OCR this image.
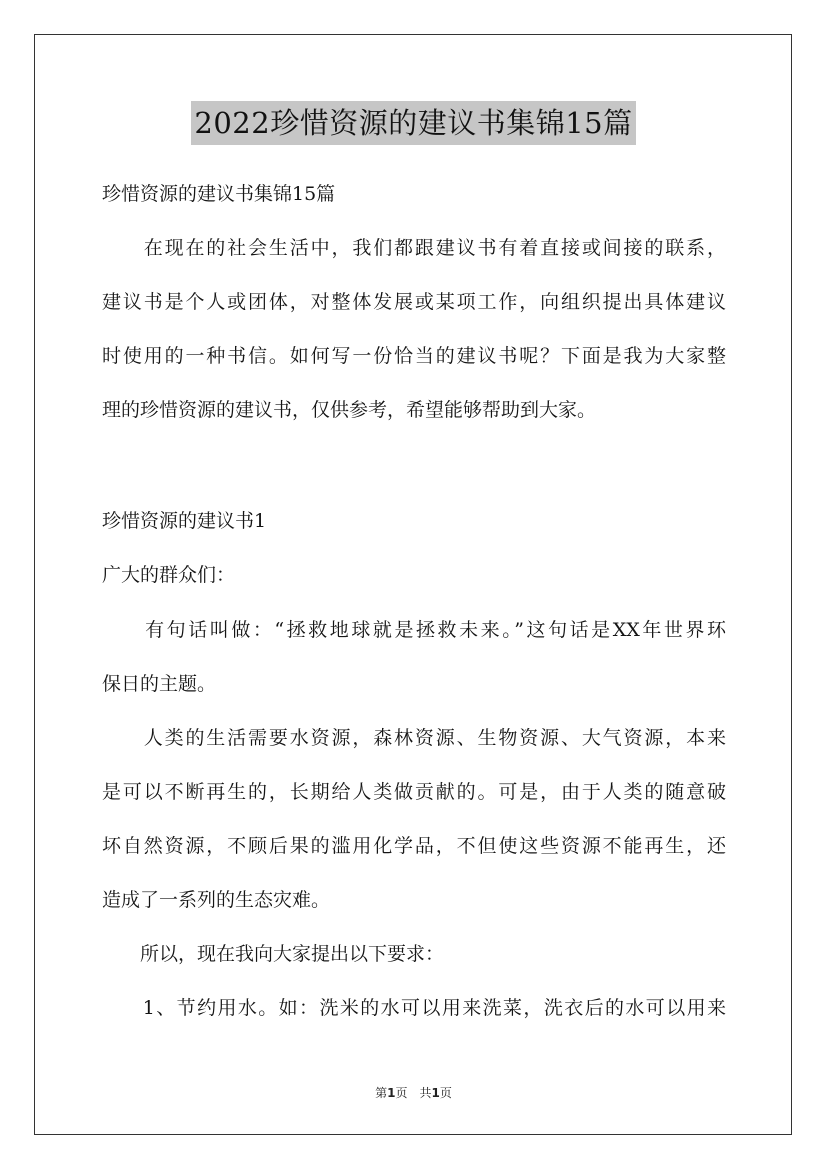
2022珍惜资源的建议书集锦15篇
珍惜资源的建议书集锦15篇
　　在现在的社会生活中，我们都跟建议书有着直接或间接的联系，
建议书是个人或团体，对整体发展或某项工作，向组织提出具体建议
时使用的一种书信。如何写一份恰当的建议书呢？下面是我为大家整
理的珍惜资源的建议书，仅供参考，希望能够帮助到大家。
珍惜资源的建议书1
广大的群众们：
　　有句话叫做：“拯救地球就是拯救未来。”这句话是XX年世界环
保日的主题。
　　人类的生活需要水资源，森林资源、生物资源、大气资源，本来
是可以不断再生的，长期给人类做贡献的。可是，由于人类的随意破
坏自然资源，不顾后果的滥用化学品，不但使这些资源不能再生，还
造成了一系列的生态灾难。
　　所以，现在我向大家提出以下要求：
　　1、节约用水。如：洗米的水可以用来洗菜，洗衣后的水可以用来
第1页　共1页
